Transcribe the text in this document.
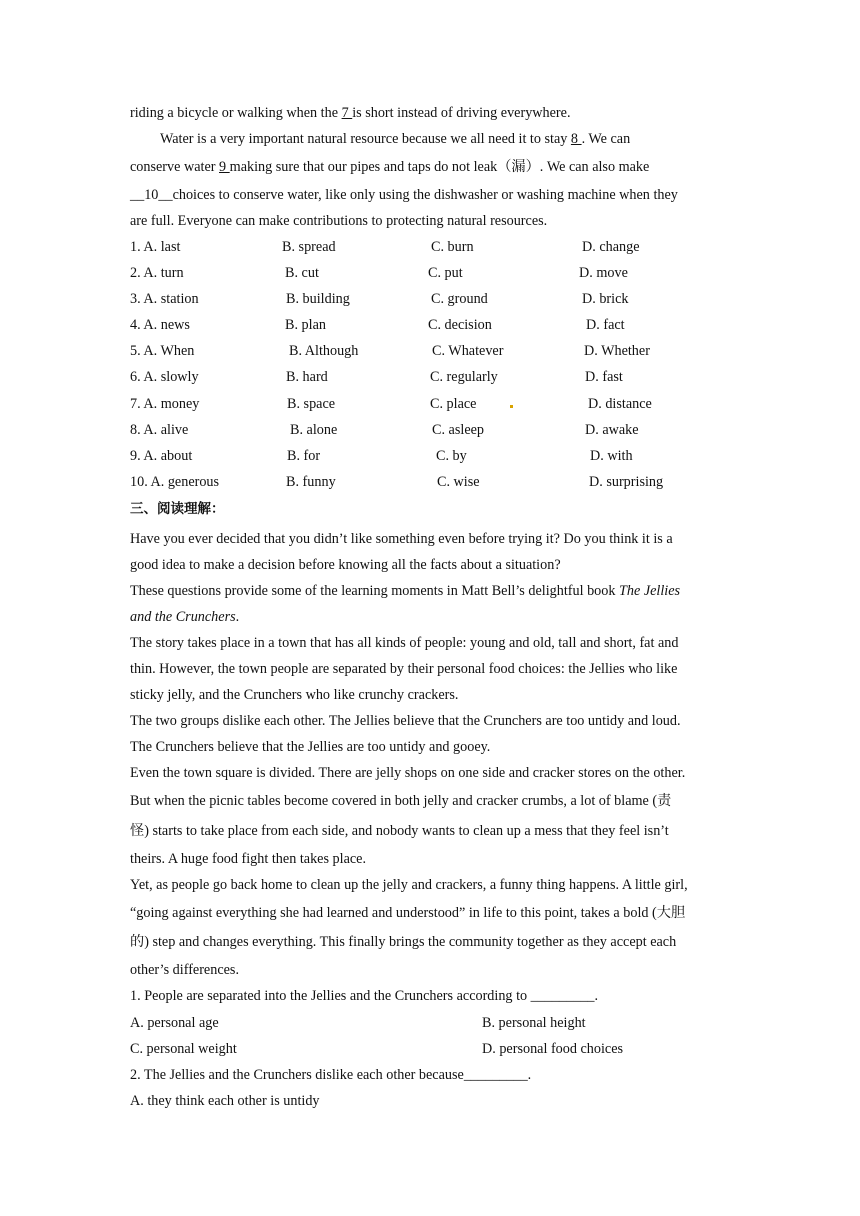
riding a bicycle or walking when the 7 is short instead of driving everywhere.
Water is a very important natural resource because we all need it to stay 8 . We can
conserve water 9 making sure that our pipes and taps do not leak（漏）. We can also make
__10__choices to conserve water, like only using the dishwasher or washing machine when they
are full. Everyone can make contributions to protecting natural resources.
1. A. last	B. spread	C. burn	D. change
2. A. turn	B. cut	C. put	D. move
3. A. station	B. building	C. ground	D. brick
4. A. news	B. plan	C. decision	D. fact
5. A. When	B. Although	C. Whatever	D. Whether
6. A. slowly	B. hard	C. regularly	D. fast
7. A. money	B. space	C. place	D. distance
8. A. alive	B. alone	C. asleep	D. awake
9. A. about	B. for	C. by	D. with
10. A. generous	B. funny	C. wise	D. surprising
三、阅读理解：
Have you ever decided that you didn’t like something even before trying it? Do you think it is a
good idea to make a decision before knowing all the facts about a situation?
These questions provide some of the learning moments in Matt Bell’s delightful book The Jellies
and the Crunchers.
The story takes place in a town that has all kinds of people: young and old, tall and short, fat and
thin. However, the town people are separated by their personal food choices: the Jellies who like
sticky jelly, and the Crunchers who like crunchy crackers.
The two groups dislike each other. The Jellies believe that the Crunchers are too untidy and loud.
The Crunchers believe that the Jellies are too untidy and gooey.
Even the town square is divided. There are jelly shops on one side and cracker stores on the other.
But when the picnic tables become covered in both jelly and cracker crumbs, a lot of blame (责
怪) starts to take place from each side, and nobody wants to clean up a mess that they feel isn’t
theirs. A huge food fight then takes place.
Yet, as people go back home to clean up the jelly and crackers, a funny thing happens. A little girl,
“going against everything she had learned and understood” in life to this point, takes a bold (大胆
的) step and changes everything. This finally brings the community together as they accept each
other’s differences.
1. People are separated into the Jellies and the Crunchers according to _________.
A. personal age	B. personal height
C. personal weight	D. personal food choices
2. The Jellies and the Crunchers dislike each other because_________.
A. they think each other is untidy
